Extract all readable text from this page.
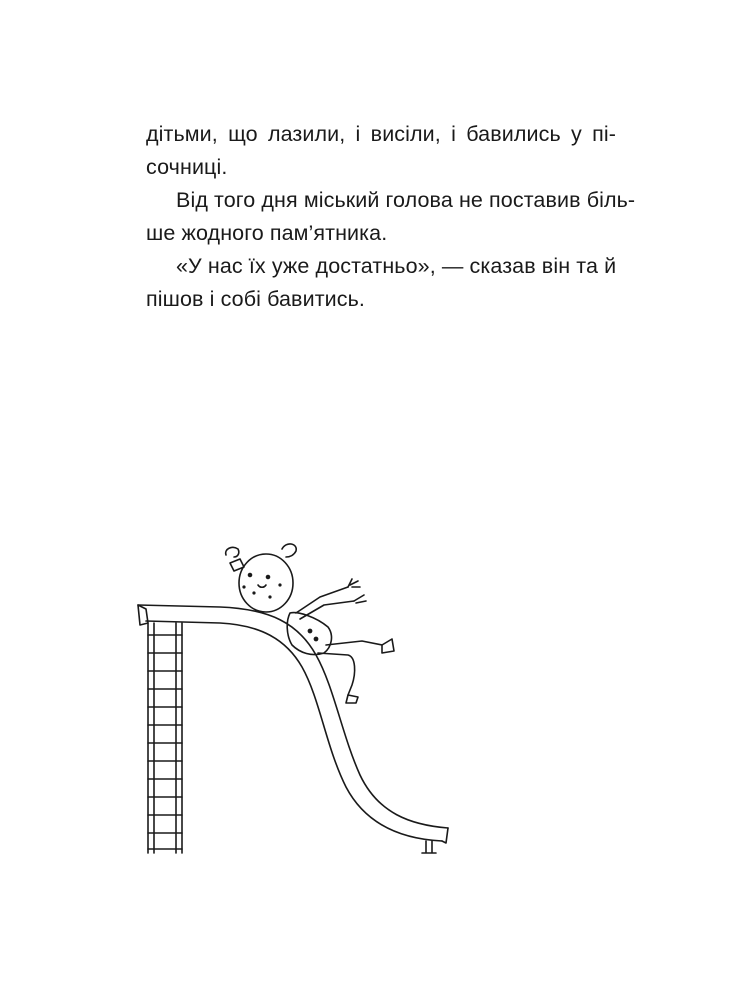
дітьми, що лазили, і висіли, і бавились у пі-
сочниці.
Від того дня міський голова не поставив біль-
ше жодного пам’ятника.
«У нас їх уже достатньо», — сказав він та й
пішов і собі бавитись.
